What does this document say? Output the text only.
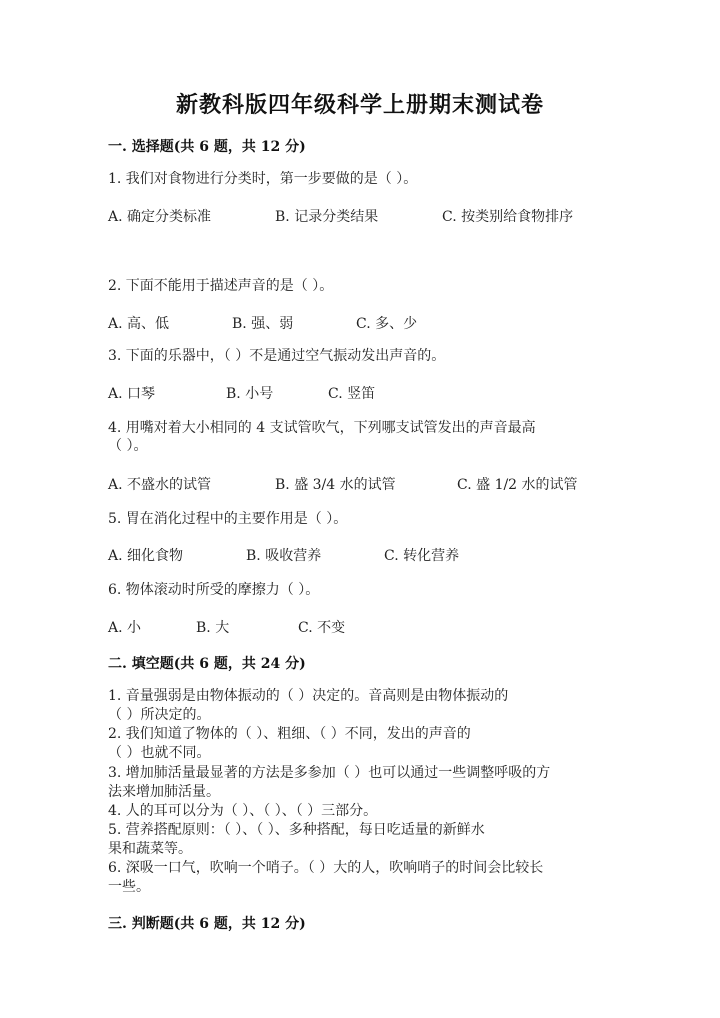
新教科版四年级科学上册期末测试卷
一. 选择题(共 6 题，共 12 分)
1. 我们对食物进行分类时，第一步要做的是（ ）。
A. 确定分类标准	B. 记录分类结果	C. 按类别给食物排序
2. 下面不能用于描述声音的是（ ）。
A. 高、低	B. 强、弱	C. 多、少
3. 下面的乐器中，（ ）不是通过空气振动发出声音的。
A. 口琴	B. 小号	C. 竖笛
4. 用嘴对着大小相同的 4 支试管吹气，下列哪支试管发出的声音最高
（ ）。
A. 不盛水的试管	B. 盛 3/4 水的试管	C. 盛 1/2 水的试管
5. 胃在消化过程中的主要作用是（ ）。
A. 细化食物	B. 吸收营养	C. 转化营养
6. 物体滚动时所受的摩擦力（ ）。
A. 小	B. 大	C. 不变
二. 填空题(共 6 题，共 24 分)
1. 音量强弱是由物体振动的（ ）决定的。音高则是由物体振动的
（ ）所决定的。
2. 我们知道了物体的（ ）、粗细、（ ）不同，发出的声音的
（ ）也就不同。
3. 增加肺活量最显著的方法是多参加（ ）也可以通过一些调整呼吸的方
法来增加肺活量。
4. 人的耳可以分为（ ）、（ ）、（ ）三部分。
5. 营养搭配原则：（ ）、（ ）、多种搭配，每日吃适量的新鲜水
果和蔬菜等。
6. 深吸一口气，吹响一个哨子。（ ）大的人，吹响哨子的时间会比较长
一些。
三. 判断题(共 6 题，共 12 分)
